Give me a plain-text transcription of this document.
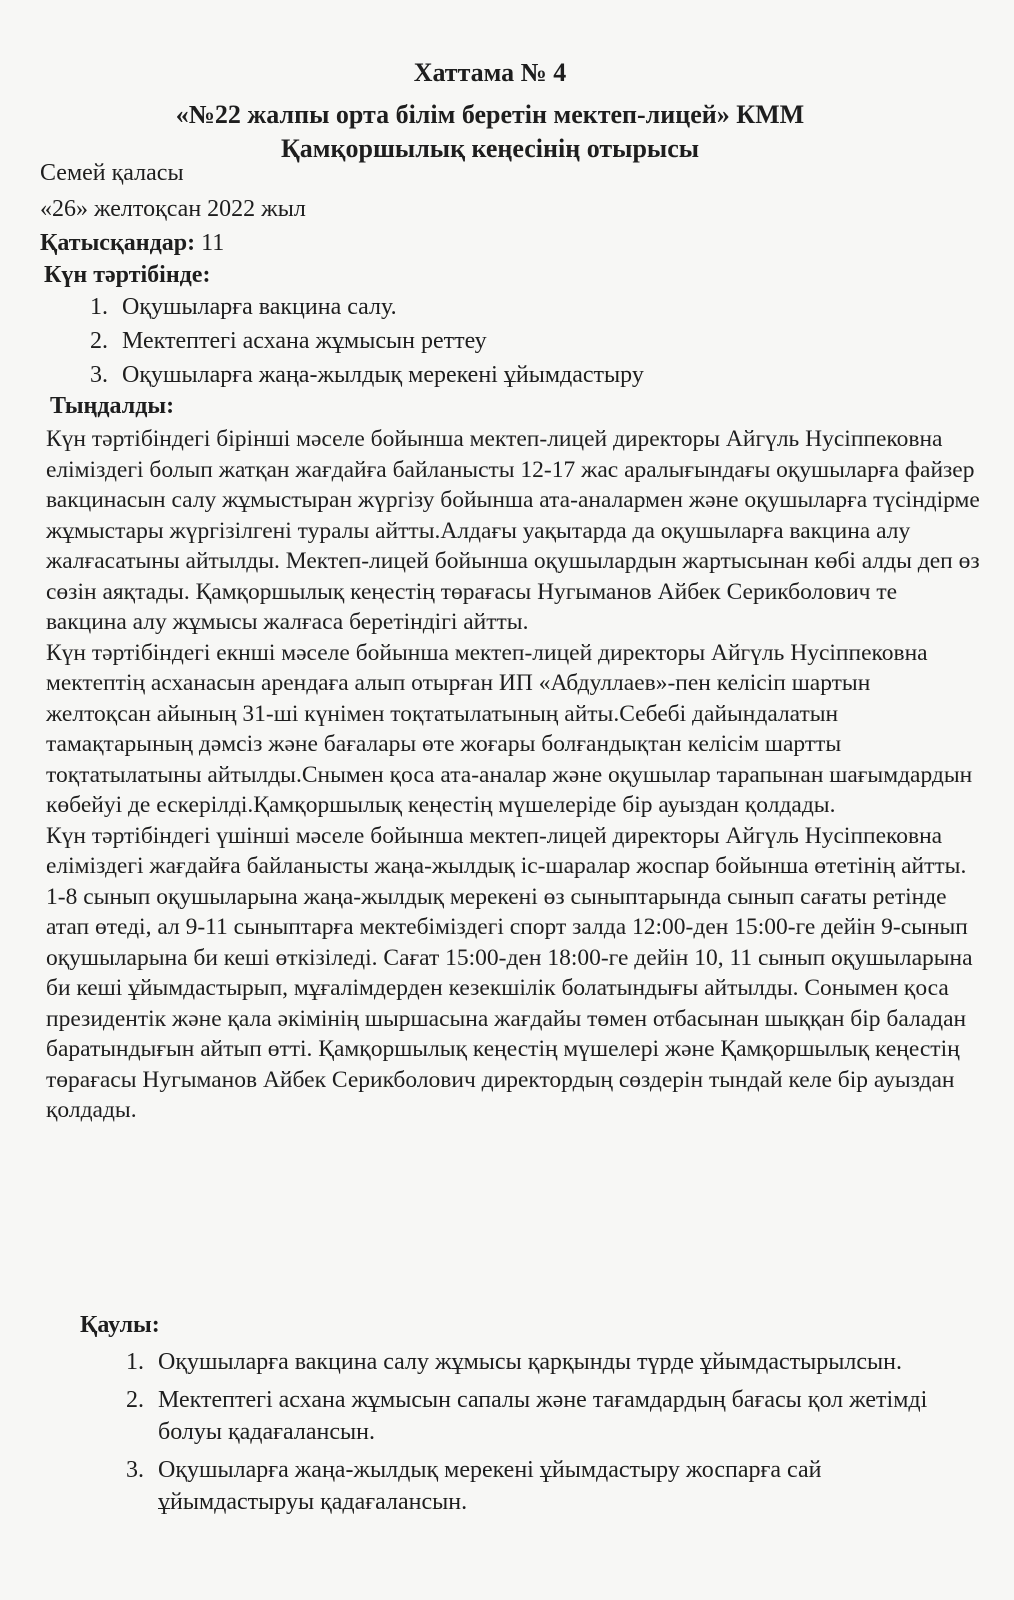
Хаттама № 4
«№22 жалпы орта білім беретін мектеп-лицей» КММ
Қамқоршылық кеңесінің отырысы

Семей қаласы

«26» желтоқсан 2022 жыл

Қатысқандар: 11

Күн тәртібінде:

1. Оқушыларға вакцина салу.
2. Мектептегі асхана жұмысын реттеу
3. Оқушыларға жаңа-жылдық мерекені ұйымдастыру

Тыңдалды:

Күн тәртібіндегі бірінші мәселе бойынша мектеп-лицей директоры Айгүль Нусіппековна еліміздегі болып жатқан жағдайға байланысты 12-17 жас аралығындағы оқушыларға файзер вакцинасын салу жұмыстыран жүргізу бойынша ата-аналармен және оқушыларға түсіндірме жұмыстары жүргізілгені туралы айтты.Алдағы уақытарда да оқушыларға вакцина алу жалғасатыны айтылды. Мектеп-лицей бойынша оқушылардын жартысынан көбі алды деп өз сөзін аяқтады. Қамқоршылық кеңестің төрағасы Нугыманов Айбек Серикболович те вакцина алу жұмысы жалғаса беретіндігі айтты.

Күн тәртібіндегі екнші мәселе бойынша мектеп-лицей директоры Айгүль Нусіппековна мектептің асханасын арендаға алып отырған ИП «Абдуллаев»-пен келісіп шартын желтоқсан айының 31-ші күнімен тоқтатылатының айты.Себебі дайындалатын тамақтарының дәмсіз және бағалары өте жоғары болғандықтан келісім шартты тоқтатылатыны айтылды.Снымен қоса ата-аналар және оқушылар тарапынан шағымдардын көбейуі де ескерілді.Қамқоршылық кеңестің мүшелеріде бір ауыздан қолдады.

Күн тәртібіндегі үшінші мәселе бойынша мектеп-лицей директоры Айгүль Нусіппековна еліміздегі жағдайға байланысты жаңа-жылдық іс-шаралар жоспар бойынша өтетінің айтты. 1-8 сынып оқушыларына жаңа-жылдық мерекені өз сыныптарында сынып сағаты ретінде атап өтеді, ал 9-11 сыныптарға мектебіміздегі спорт залда 12:00-ден 15:00-ге дейін 9-сынып оқушыларына би кеші өткізіледі. Сағат 15:00-ден 18:00-ге дейін 10, 11 сынып оқушыларына би кеші ұйымдастырып, мұғалімдерден кезекшілік болатындығы айтылды. Сонымен қоса президентік және қала әкімінің шыршасына жағдайы төмен отбасынан шыққан бір баладан баратындығын айтып өтті. Қамқоршылық кеңестің мүшелері және Қамқоршылық кеңестің төрағасы Нугыманов Айбек Серикболович директордың сөздерін тындай келе бір ауыздан қолдады.

Қаулы:

1. Оқушыларға вакцина салу жұмысы қарқынды түрде ұйымдастырылсын.
2. Мектептегі асхана жұмысын сапалы және тағамдардың бағасы қол жетімді болуы қадағалансын.
3. Оқушыларға жаңа-жылдық мерекені ұйымдастыру жоспарға сай ұйымдастыруы қадағалансын.
